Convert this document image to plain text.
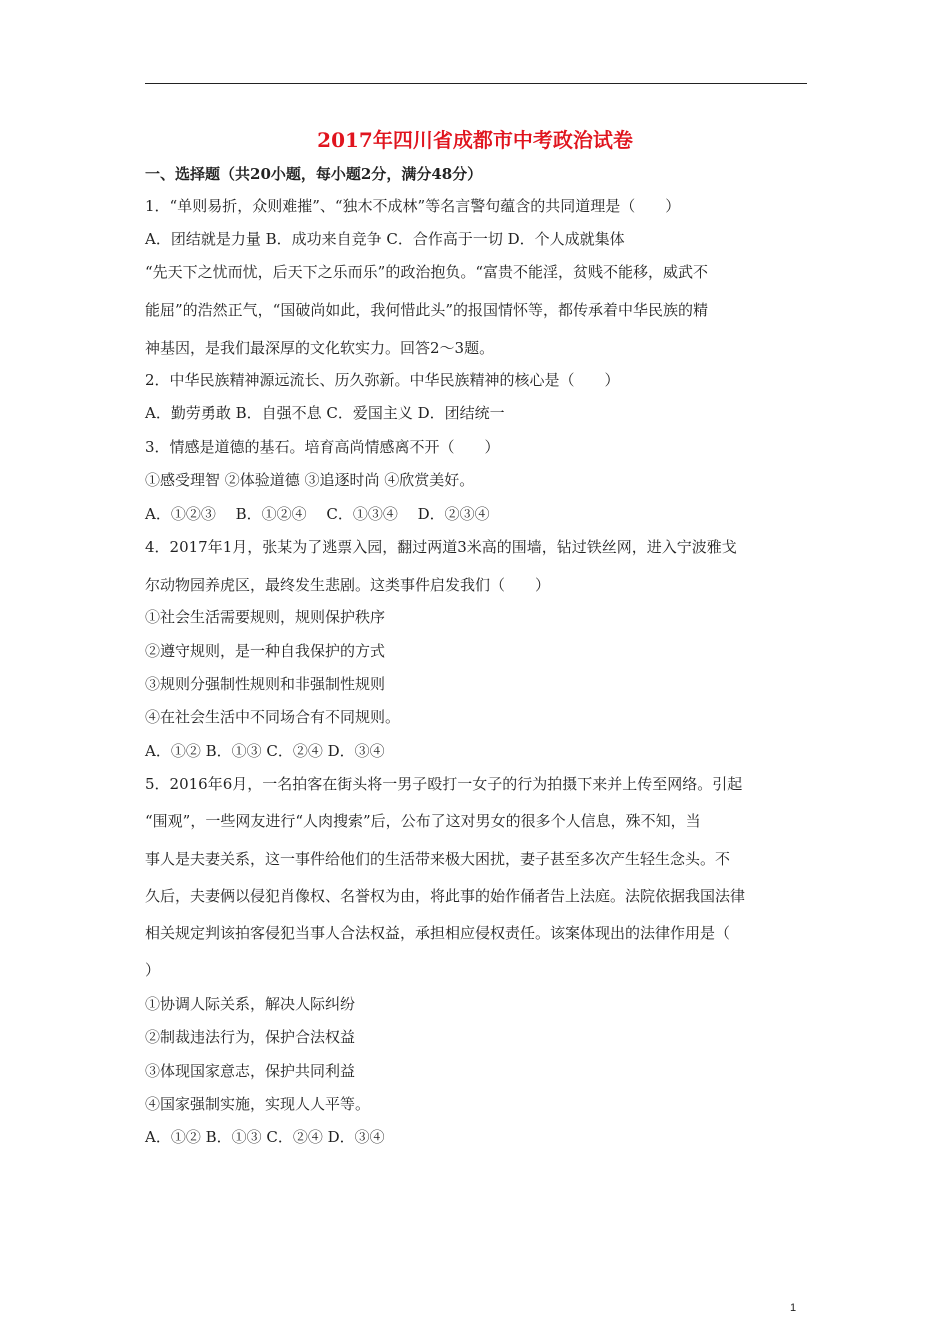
2017年四川省成都市中考政治试卷
一、选择题（共20小题，每小题2分，满分48分）
1．“单则易折，众则难摧”、“独木不成林”等名言警句蕴含的共同道理是（　　）
A．团结就是力量 B．成功来自竞争 C．合作高于一切 D．个人成就集体
“先天下之忧而忧，后天下之乐而乐”的政治抱负。“富贵不能淫，贫贱不能移，威武不
能屈”的浩然正气，“国破尚如此，我何惜此头”的报国情怀等，都传承着中华民族的精
神基因，是我们最深厚的文化软实力。回答2～3题。
2．中华民族精神源远流长、历久弥新。中华民族精神的核心是（　　）
A．勤劳勇敢 B．自强不息 C．爱国主义 D．团结统一
3．情感是道德的基石。培育高尚情感离不开（　　）
①感受理智 ②体验道德 ③追逐时尚 ④欣赏美好。
A．①②③　 B．①②④　 C．①③④　 D．②③④
4．2017年1月，张某为了逃票入园，翻过两道3米高的围墙，钻过铁丝网，进入宁波雅戈
尔动物园养虎区，最终发生悲剧。这类事件启发我们（　　）
①社会生活需要规则，规则保护秩序
②遵守规则，是一种自我保护的方式
③规则分强制性规则和非强制性规则
④在社会生活中不同场合有不同规则。
A．①② B．①③ C．②④ D．③④
5．2016年6月，一名拍客在街头将一男子殴打一女子的行为拍摄下来并上传至网络。引起
“围观”，一些网友进行“人肉搜索”后，公布了这对男女的很多个人信息，殊不知，当
事人是夫妻关系，这一事件给他们的生活带来极大困扰，妻子甚至多次产生轻生念头。不
久后，夫妻俩以侵犯肖像权、名誉权为由，将此事的始作俑者告上法庭。法院依据我国法律
相关规定判该拍客侵犯当事人合法权益，承担相应侵权责任。该案体现出的法律作用是（
）
①协调人际关系，解决人际纠纷
②制裁违法行为，保护合法权益
③体现国家意志，保护共同利益
④国家强制实施，实现人人平等。
A．①② B．①③ C．②④ D．③④
1
